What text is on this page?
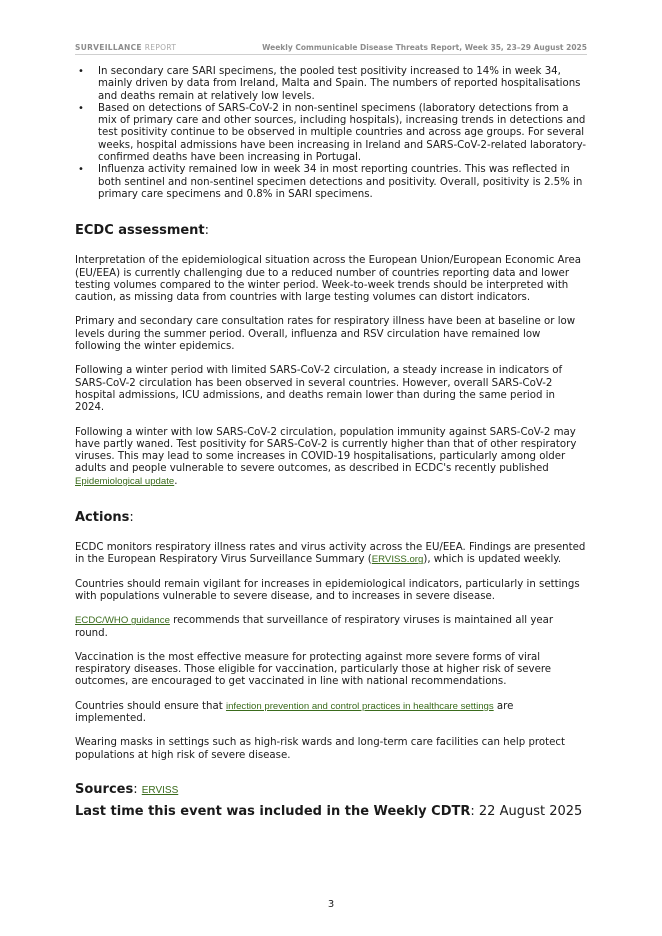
SURVEILLANCE REPORT	Weekly Communicable Disease Threats Report, Week 35, 23–29 August 2025
• In secondary care SARI specimens, the pooled test positivity increased to 14% in week 34, mainly driven by data from Ireland, Malta and Spain. The numbers of reported hospitalisations and deaths remain at relatively low levels.
• Based on detections of SARS-CoV-2 in non-sentinel specimens (laboratory detections from a mix of primary care and other sources, including hospitals), increasing trends in detections and test positivity continue to be observed in multiple countries and across age groups. For several weeks, hospital admissions have been increasing in Ireland and SARS-CoV-2-related laboratory-confirmed deaths have been increasing in Portugal.
• Influenza activity remained low in week 34 in most reporting countries. This was reflected in both sentinel and non-sentinel specimen detections and positivity. Overall, positivity is 2.5% in primary care specimens and 0.8% in SARI specimens.
ECDC assessment:

Interpretation of the epidemiological situation across the European Union/European Economic Area (EU/EEA) is currently challenging due to a reduced number of countries reporting data and lower testing volumes compared to the winter period. Week-to-week trends should be interpreted with caution, as missing data from countries with large testing volumes can distort indicators.

Primary and secondary care consultation rates for respiratory illness have been at baseline or low levels during the summer period. Overall, influenza and RSV circulation have remained low following the winter epidemics.

Following a winter period with limited SARS-CoV-2 circulation, a steady increase in indicators of SARS-CoV-2 circulation has been observed in several countries. However, overall SARS-CoV-2 hospital admissions, ICU admissions, and deaths remain lower than during the same period in 2024.

Following a winter with low SARS-CoV-2 circulation, population immunity against SARS-CoV-2 may have partly waned. Test positivity for SARS-CoV-2 is currently higher than that of other respiratory viruses. This may lead to some increases in COVID-19 hospitalisations, particularly among older adults and people vulnerable to severe outcomes, as described in ECDC's recently published Epidemiological update.

Actions:

ECDC monitors respiratory illness rates and virus activity across the EU/EEA. Findings are presented in the European Respiratory Virus Surveillance Summary (ERVISS.org), which is updated weekly.

Countries should remain vigilant for increases in epidemiological indicators, particularly in settings with populations vulnerable to severe disease, and to increases in severe disease.

ECDC/WHO guidance recommends that surveillance of respiratory viruses is maintained all year round.

Vaccination is the most effective measure for protecting against more severe forms of viral respiratory diseases. Those eligible for vaccination, particularly those at higher risk of severe outcomes, are encouraged to get vaccinated in line with national recommendations.

Countries should ensure that infection prevention and control practices in healthcare settings are implemented.

Wearing masks in settings such as high-risk wards and long-term care facilities can help protect populations at high risk of severe disease.

Sources: ERVISS
Last time this event was included in the Weekly CDTR: 22 August 2025
3
